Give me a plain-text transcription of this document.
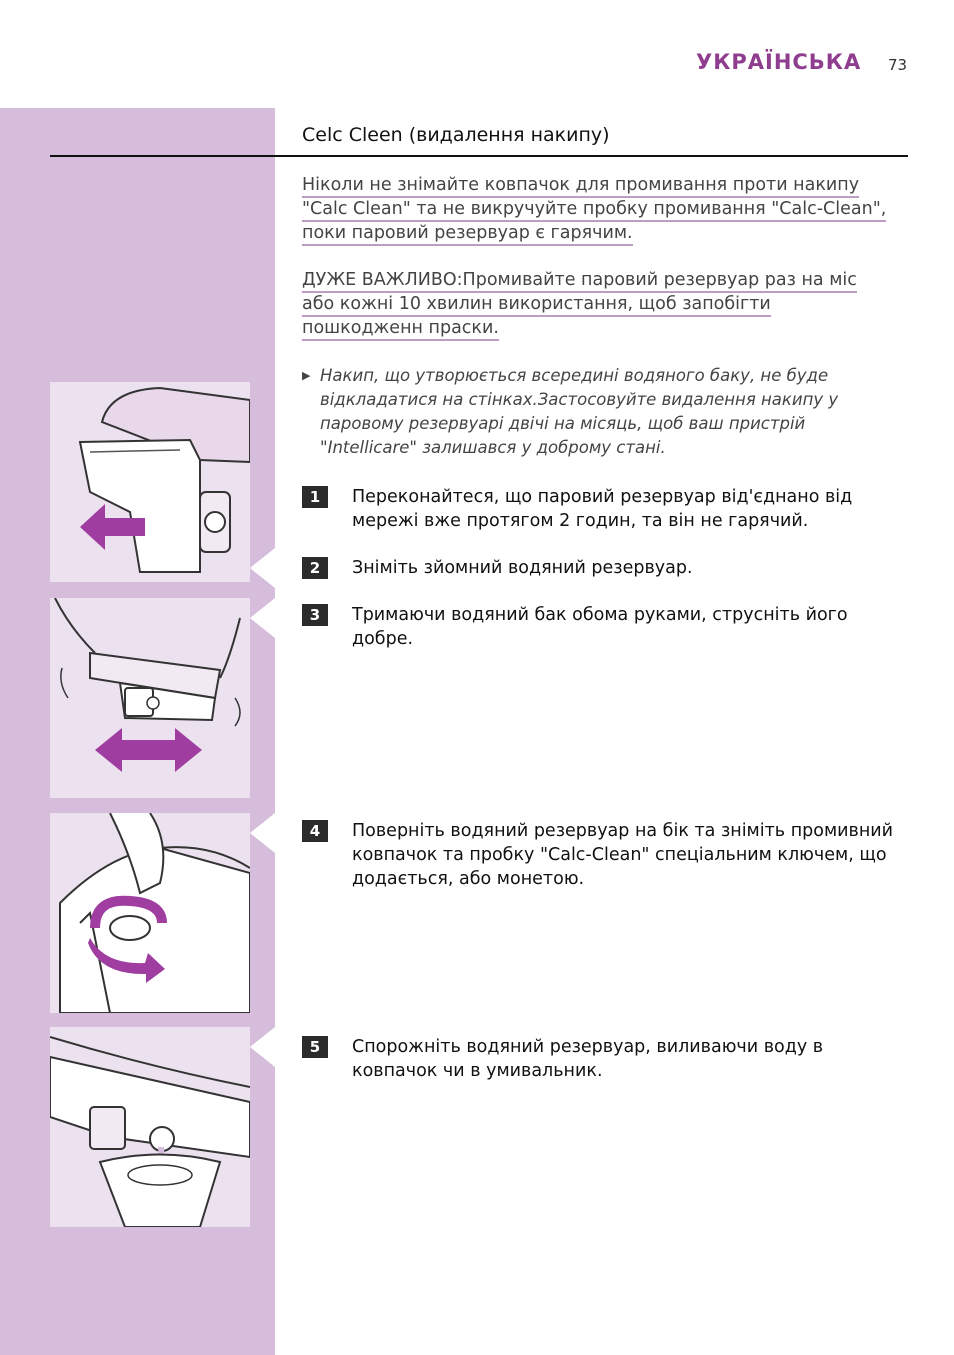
УКРАЇНСЬКА 73
Celc Cleen (видалення накипу)
Ніколи не знімайте ковпачок для промивання проти накипу "Calc Clean" та не викручуйте пробку промивання "Calc-Clean", поки паровий резервуар є гарячим.
ДУЖЕ ВАЖЛИВО:Промивайте паровий резервуар раз на міс або кожні 10 хвилин використання, щоб запобігти пошкодженн праски.
▶ Накип, що утворюється всередині водяного баку, не буде відкладатися на стінках.Застосовуйте видалення накипу у паровому резервуарі двічі на місяць, щоб ваш пристрій "Intellicare" залишався у доброму стані.
1	Переконайтеся, що паровий резервуар від'єднано від мережі вже протягом 2 годин, та він не гарячий.
2	Зніміть зйомний водяний резервуар.
3	Тримаючи водяний бак обома руками, струсніть його добре.
4	Поверніть водяний резервуар на бік та зніміть промивний ковпачок та пробку "Calc-Clean" спеціальним ключем, що додається, або монетою.
5	Спорожніть водяний резервуар, виливаючи воду в ковпачок чи в умивальник.
